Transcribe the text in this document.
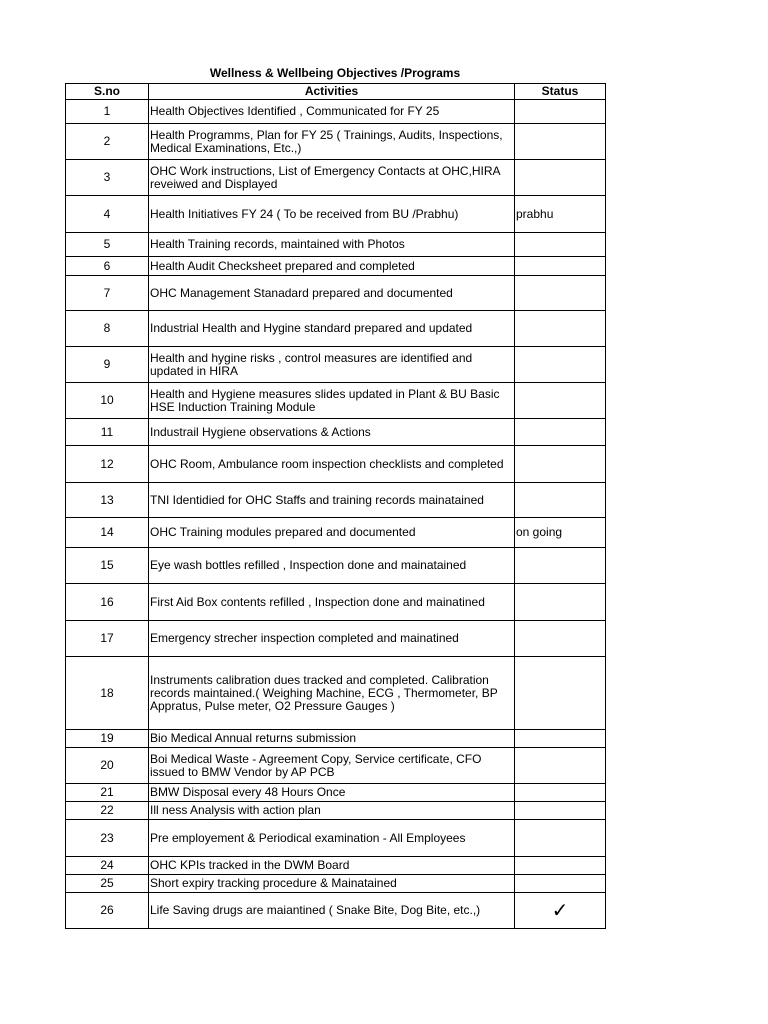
Wellness & Wellbeing Objectives /Programs
S.no	Activities	Status
1	Health Objectives Identified , Communicated for FY 25	
2	Health Programms, Plan for FY 25 ( Trainings, Audits, Inspections, Medical Examinations, Etc.,)	
3	OHC Work instructions, List of Emergency Contacts at OHC,HIRA reveiwed and Displayed	
4	Health Initiatives FY 24 ( To be received from BU /Prabhu)	prabhu
5	Health Training records, maintained with Photos	
6	Health Audit Checksheet prepared and completed	
7	OHC Management Stanadard prepared and documented	
8	Industrial Health and Hygine standard prepared and updated	
9	Health and hygine risks , control measures are identified and updated in HIRA	
10	Health and Hygiene measures slides updated in Plant & BU Basic HSE Induction Training Module	
11	Industrail Hygiene observations & Actions	
12	OHC Room, Ambulance room inspection checklists and completed	
13	TNI Identidied for OHC Staffs and training records mainatained	
14	OHC Training modules prepared and documented	on going
15	Eye wash bottles refilled , Inspection done and mainatained	
16	First Aid Box contents refilled , Inspection done and mainatined	
17	Emergency strecher inspection completed and mainatined	
18	Instruments calibration dues tracked and completed. Calibration records maintained.( Weighing Machine, ECG , Thermometer, BP Appratus, Pulse meter, O2 Pressure Gauges )	
19	Bio Medical Annual returns submission	
20	Boi Medical Waste - Agreement Copy, Service certificate, CFO issued to BMW Vendor by AP PCB	
21	BMW Disposal every 48 Hours Once	
22	Ill ness Analysis with action plan	
23	Pre employement & Periodical examination - All Employees	
24	OHC KPIs tracked in the DWM Board	
25	Short expiry tracking procedure & Mainatained	
26	Life Saving drugs are maiantined ( Snake Bite, Dog Bite, etc.,)	✓
